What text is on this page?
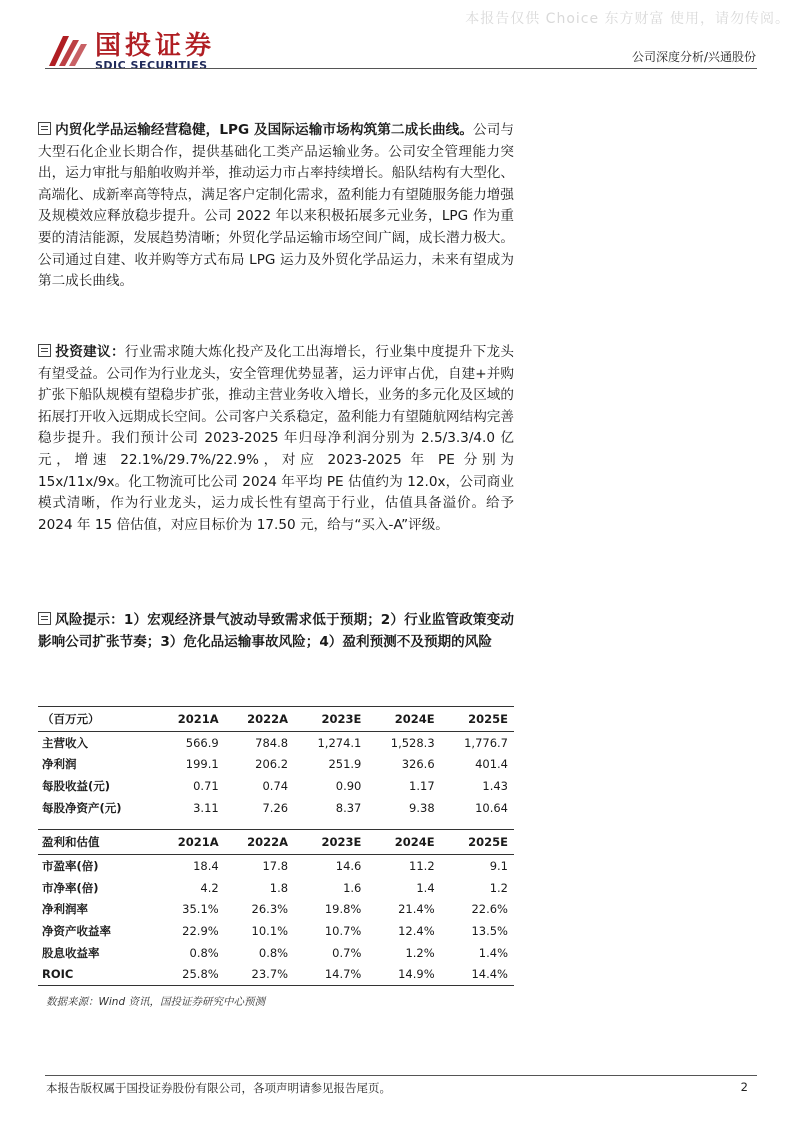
本报告仅供 Choice 东方财富 使用，请勿传阅。
国投证券
SDIC SECURITIES
公司深度分析/兴通股份
内贸化学品运输经营稳健，LPG 及国际运输市场构筑第二成长曲线。公司与大型石化企业长期合作，提供基础化工类产品运输业务。公司安全管理能力突出，运力审批与船舶收购并举，推动运力市占率持续增长。船队结构有大型化、高端化、成新率高等特点，满足客户定制化需求，盈利能力有望随服务能力增强及规模效应释放稳步提升。公司 2022 年以来积极拓展多元业务，LPG 作为重要的清洁能源，发展趋势清晰；外贸化学品运输市场空间广阔，成长潜力极大。公司通过自建、收并购等方式布局 LPG 运力及外贸化学品运力，未来有望成为第二成长曲线。
投资建议：行业需求随大炼化投产及化工出海增长，行业集中度提升下龙头有望受益。公司作为行业龙头，安全管理优势显著，运力评审占优，自建+并购扩张下船队规模有望稳步扩张，推动主营业务收入增长，业务的多元化及区域的拓展打开收入远期成长空间。公司客户关系稳定，盈利能力有望随航网结构完善稳步提升。我们预计公司 2023-2025 年归母净利润分别为 2.5/3.3/4.0 亿元，增速 22.1%/29.7%/22.9%，对应 2023-2025 年 PE 分别为 15x/11x/9x。化工物流可比公司 2024 年平均 PE 估值约为 12.0x，公司商业模式清晰，作为行业龙头，运力成长性有望高于行业，估值具备溢价。给予 2024 年 15 倍估值，对应目标价为 17.50 元，给与“买入-A”评级。
风险提示：1）宏观经济景气波动导致需求低于预期；2）行业监管政策变动影响公司扩张节奏；3）危化品运输事故风险；4）盈利预测不及预期的风险
（百万元）	2021A	2022A	2023E	2024E	2025E
主营收入	566.9	784.8	1,274.1	1,528.3	1,776.7
净利润	199.1	206.2	251.9	326.6	401.4
每股收益(元)	0.71	0.74	0.90	1.17	1.43
每股净资产(元)	3.11	7.26	8.37	9.38	10.64

盈利和估值	2021A	2022A	2023E	2024E	2025E
市盈率(倍)	18.4	17.8	14.6	11.2	9.1
市净率(倍)	4.2	1.8	1.6	1.4	1.2
净利润率	35.1%	26.3%	19.8%	21.4%	22.6%
净资产收益率	22.9%	10.1%	10.7%	12.4%	13.5%
股息收益率	0.8%	0.8%	0.7%	1.2%	1.4%
ROIC	25.8%	23.7%	14.7%	14.9%	14.4%
数据来源：Wind 资讯，国投证券研究中心预测
本报告版权属于国投证券股份有限公司，各项声明请参见报告尾页。	2
